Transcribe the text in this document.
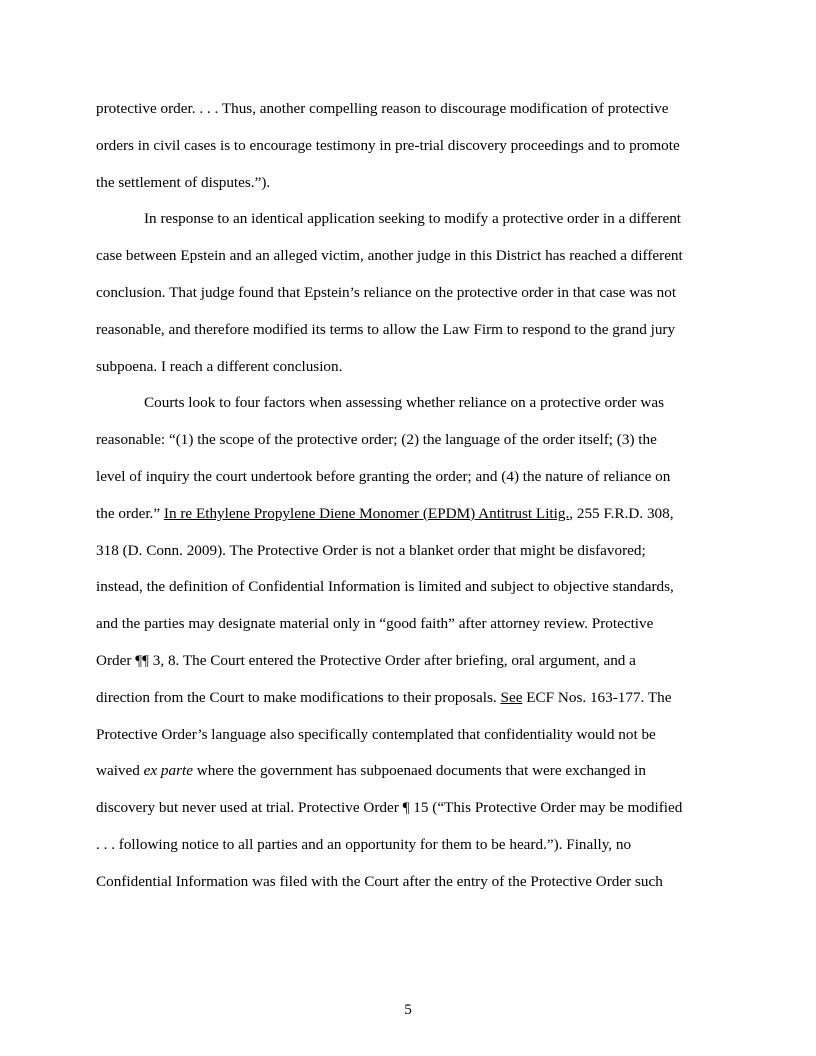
protective order. . . . Thus, another compelling reason to discourage modification of protective
orders in civil cases is to encourage testimony in pre-trial discovery proceedings and to promote
the settlement of disputes.”).

In response to an identical application seeking to modify a protective order in a different
case between Epstein and an alleged victim, another judge in this District has reached a different
conclusion. That judge found that Epstein’s reliance on the protective order in that case was not
reasonable, and therefore modified its terms to allow the Law Firm to respond to the grand jury
subpoena. I reach a different conclusion.

Courts look to four factors when assessing whether reliance on a protective order was
reasonable: “(1) the scope of the protective order; (2) the language of the order itself; (3) the
level of inquiry the court undertook before granting the order; and (4) the nature of reliance on
the order.” In re Ethylene Propylene Diene Monomer (EPDM) Antitrust Litig., 255 F.R.D. 308,
318 (D. Conn. 2009). The Protective Order is not a blanket order that might be disfavored;
instead, the definition of Confidential Information is limited and subject to objective standards,
and the parties may designate material only in “good faith” after attorney review. Protective
Order ¶¶ 3, 8. The Court entered the Protective Order after briefing, oral argument, and a
direction from the Court to make modifications to their proposals. See ECF Nos. 163-177. The
Protective Order’s language also specifically contemplated that confidentiality would not be
waived ex parte where the government has subpoenaed documents that were exchanged in
discovery but never used at trial. Protective Order ¶ 15 (“This Protective Order may be modified
. . . following notice to all parties and an opportunity for them to be heard.”). Finally, no
Confidential Information was filed with the Court after the entry of the Protective Order such

5
